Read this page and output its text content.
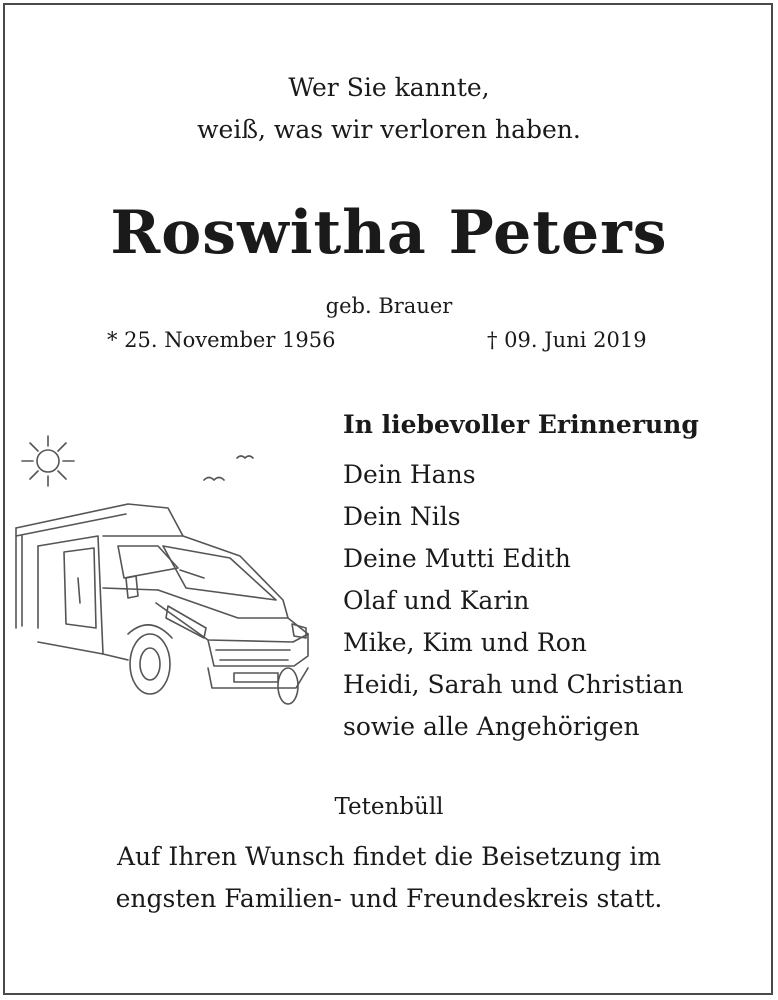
Wer Sie kannte,
weiß, was wir verloren haben.
Roswitha Peters
geb. Brauer
* 25. November 1956	† 09. Juni 2019
In liebevoller Erinnerung
Dein Hans
Dein Nils
Deine Mutti Edith
Olaf und Karin
Mike, Kim und Ron
Heidi, Sarah und Christian
sowie alle Angehörigen
Tetenbüll
Auf Ihren Wunsch findet die Beisetzung im
engsten Familien- und Freundeskreis statt.
